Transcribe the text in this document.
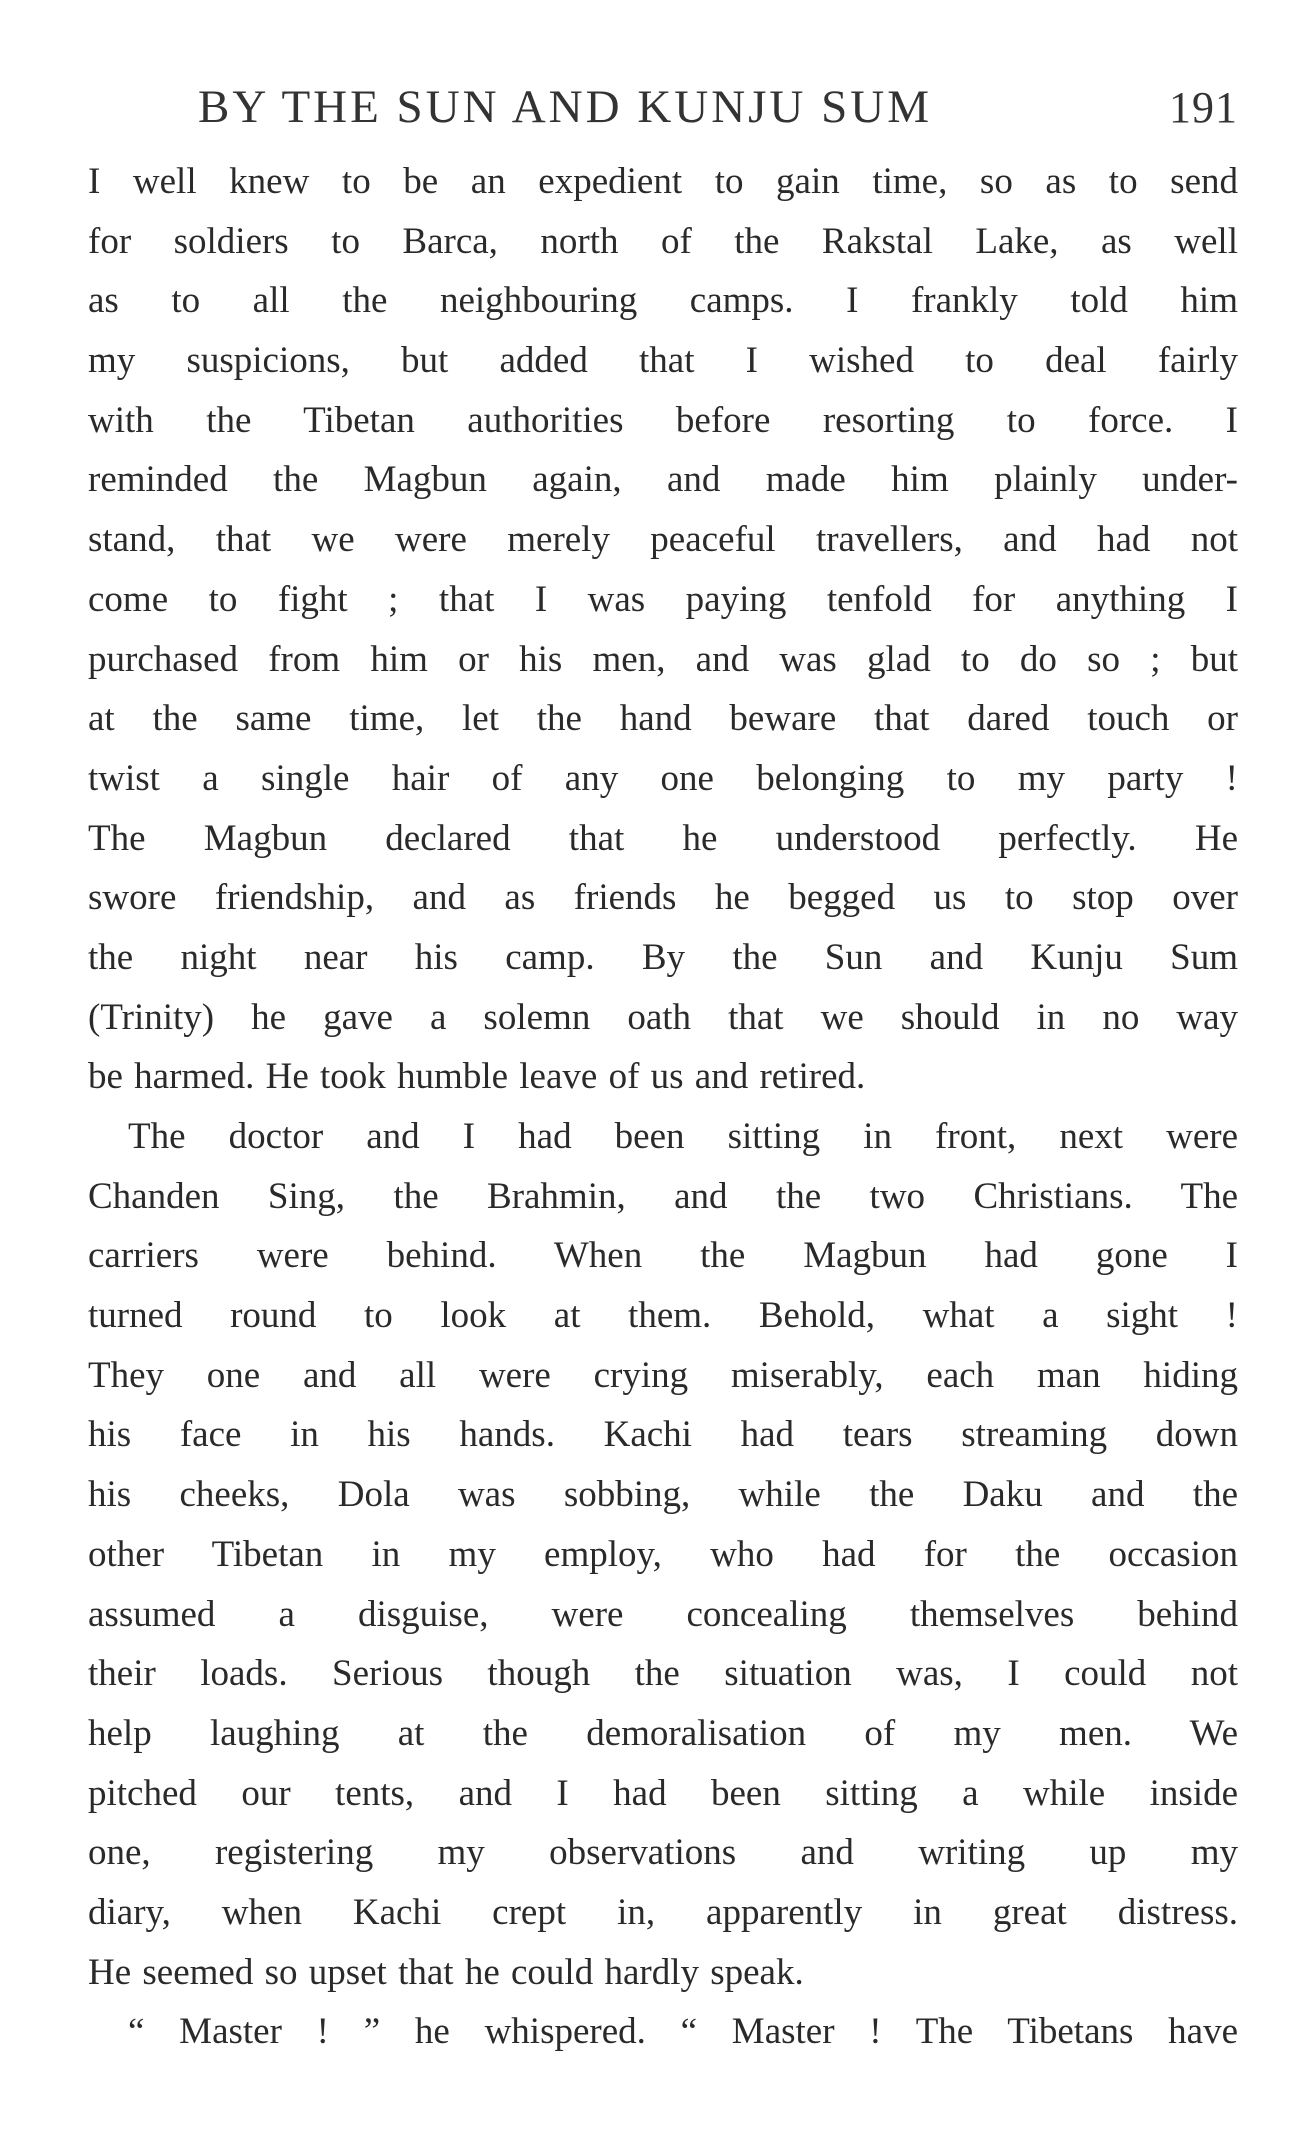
BY THE SUN AND KUNJU SUM	191
I well knew to be an expedient to gain time, so as to send
for soldiers to Barca, north of the Rakstal Lake, as well
as to all the neighbouring camps. I frankly told him
my suspicions, but added that I wished to deal fairly
with the Tibetan authorities before resorting to force. I
reminded the Magbun again, and made him plainly under-
stand, that we were merely peaceful travellers, and had not
come to fight ; that I was paying tenfold for anything I
purchased from him or his men, and was glad to do so ; but
at the same time, let the hand beware that dared touch or
twist a single hair of any one belonging to my party !
The Magbun declared that he understood perfectly. He
swore friendship, and as friends he begged us to stop over
the night near his camp. By the Sun and Kunju Sum
(Trinity) he gave a solemn oath that we should in no way
be harmed. He took humble leave of us and retired.
The doctor and I had been sitting in front, next were
Chanden Sing, the Brahmin, and the two Christians. The
carriers were behind. When the Magbun had gone I
turned round to look at them. Behold, what a sight !
They one and all were crying miserably, each man hiding
his face in his hands. Kachi had tears streaming down
his cheeks, Dola was sobbing, while the Daku and the
other Tibetan in my employ, who had for the occasion
assumed a disguise, were concealing themselves behind
their loads. Serious though the situation was, I could not
help laughing at the demoralisation of my men. We
pitched our tents, and I had been sitting a while inside
one, registering my observations and writing up my
diary, when Kachi crept in, apparently in great distress.
He seemed so upset that he could hardly speak.
“ Master ! ” he whispered. “ Master ! The Tibetans have
